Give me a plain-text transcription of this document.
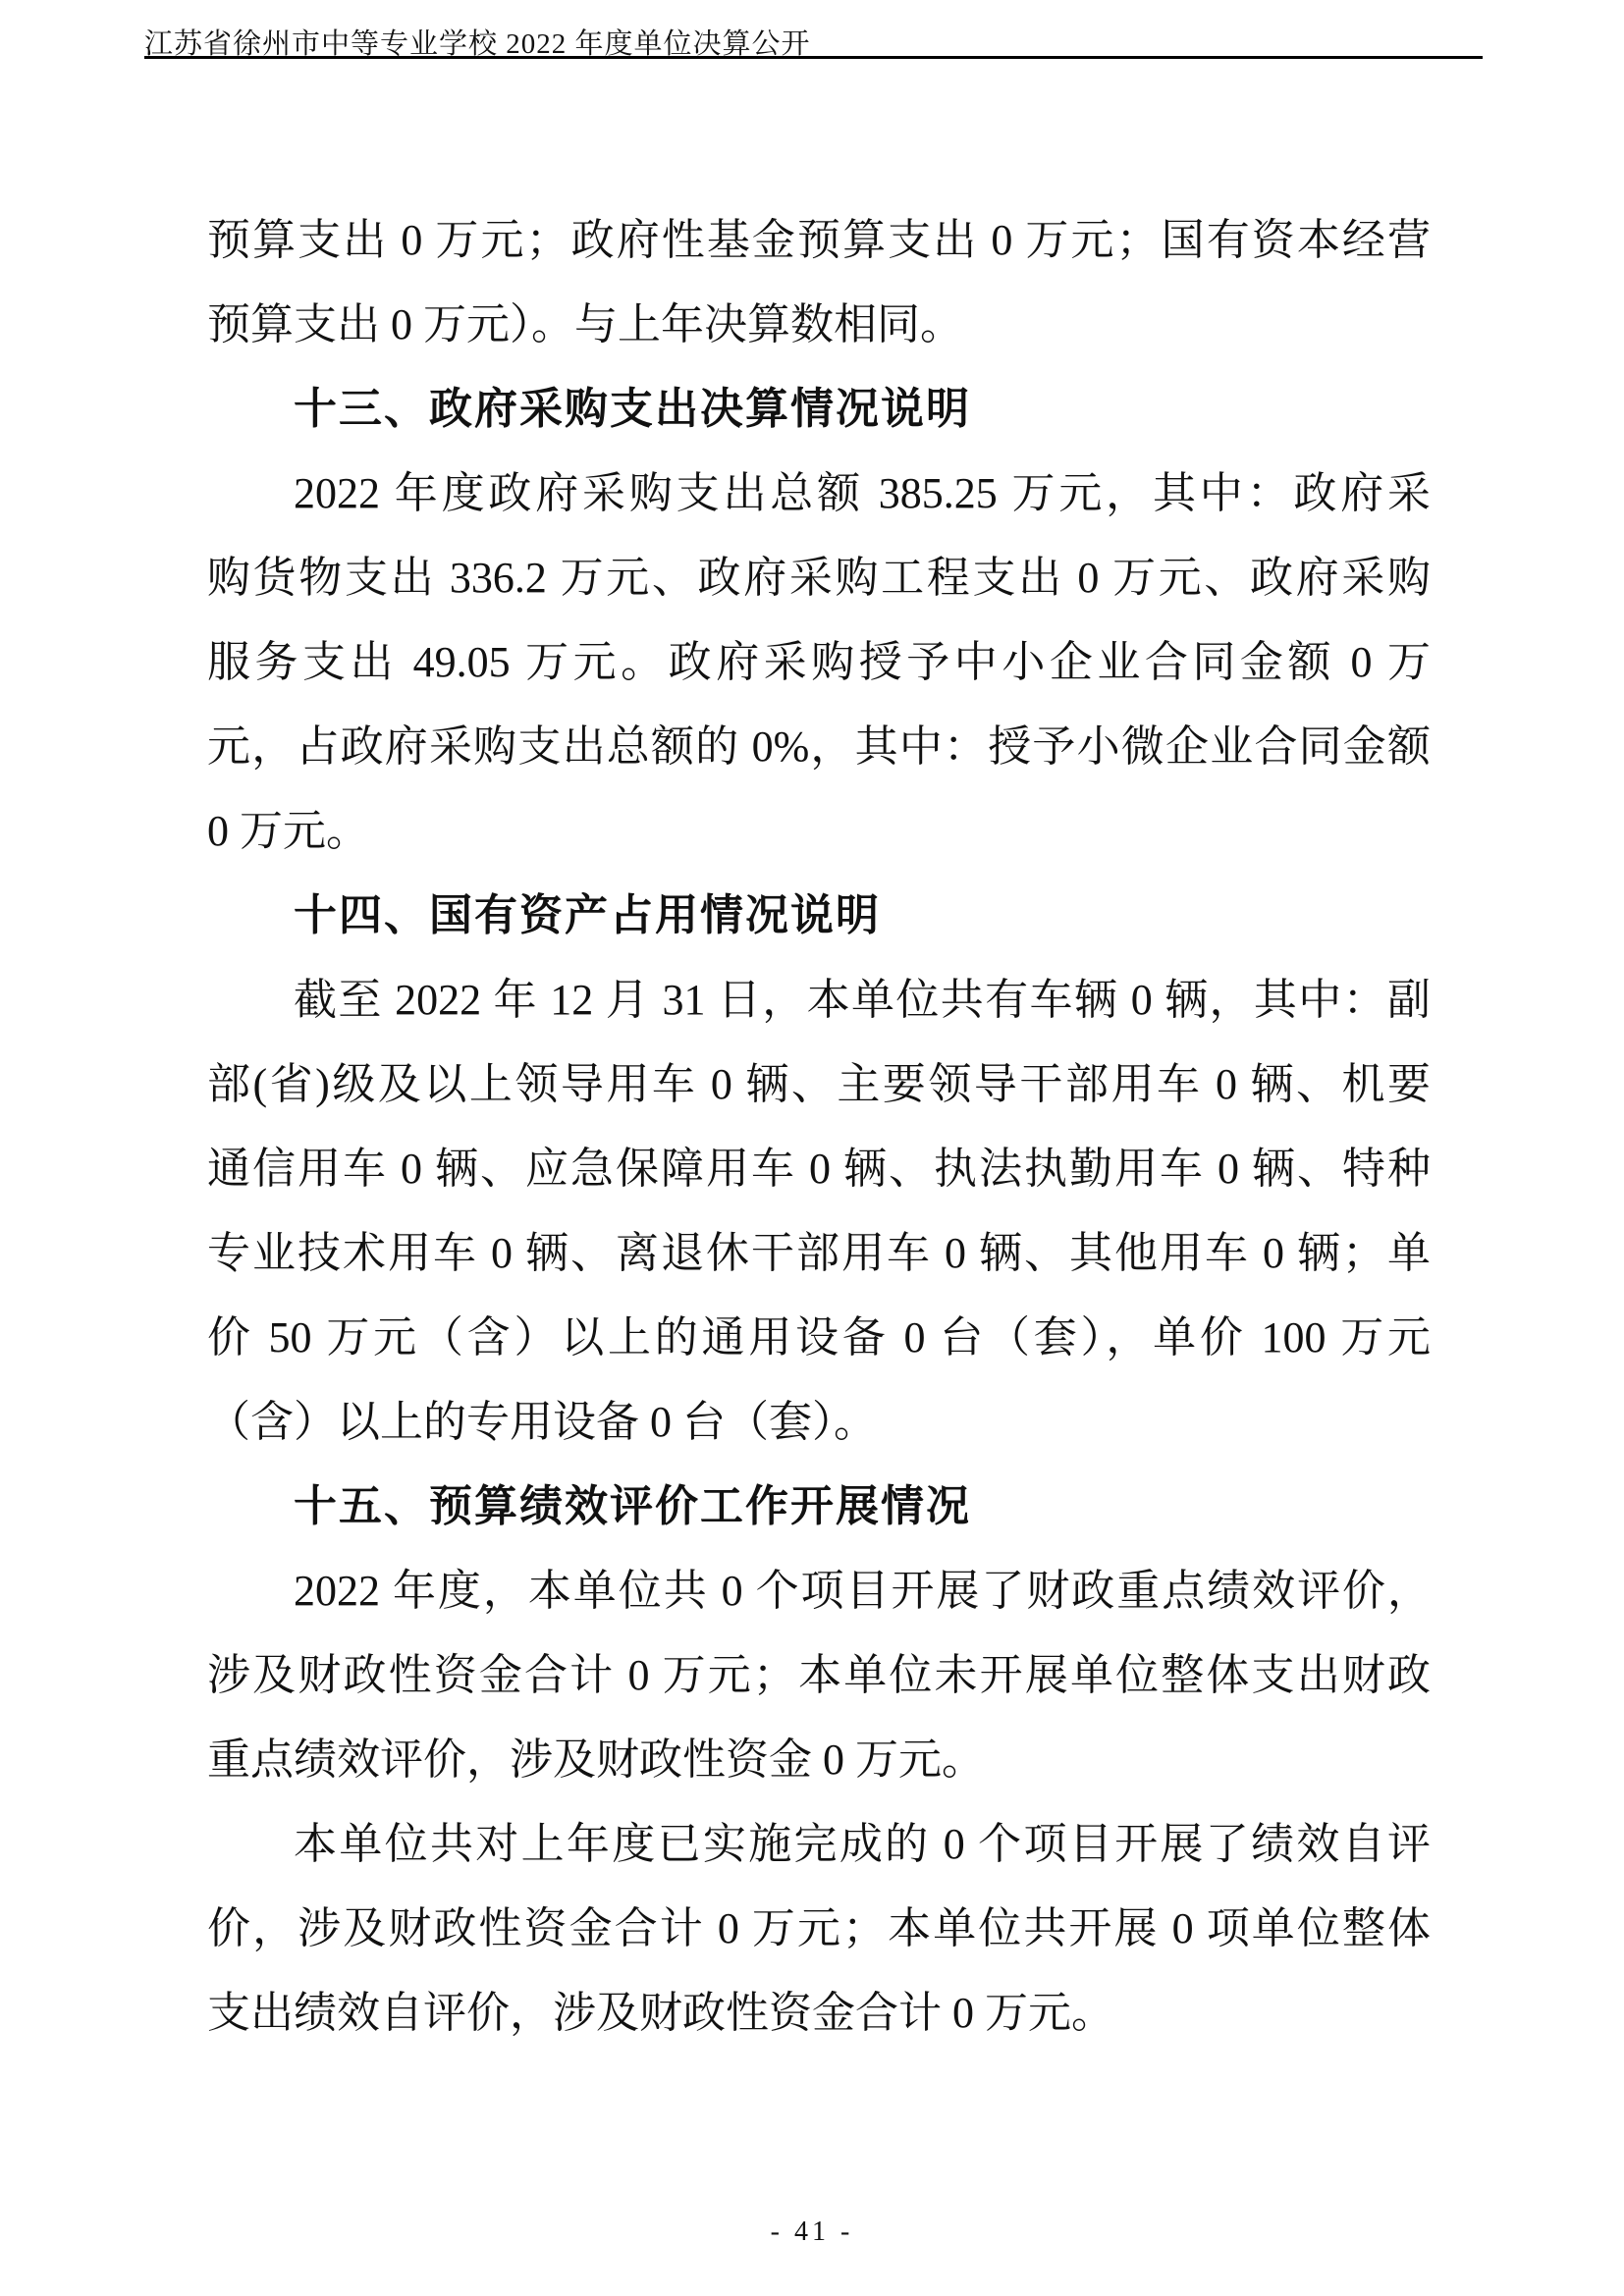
江苏省徐州市中等专业学校 2022 年度单位决算公开
预算支出 0 万元；政府性基金预算支出 0 万元；国有资本经营
预算支出 0 万元）。与上年决算数相同。
十三、政府采购支出决算情况说明
2022 年度政府采购支出总额 385.25 万元，其中：政府采
购货物支出 336.2 万元、政府采购工程支出 0 万元、政府采购
服务支出 49.05 万元。政府采购授予中小企业合同金额 0 万
元，占政府采购支出总额的 0%，其中：授予小微企业合同金额
0 万元。
十四、国有资产占用情况说明
截至 2022 年 12 月 31 日，本单位共有车辆 0 辆，其中：副
部(省)级及以上领导用车 0 辆、主要领导干部用车 0 辆、机要
通信用车 0 辆、应急保障用车 0 辆、执法执勤用车 0 辆、特种
专业技术用车 0 辆、离退休干部用车 0 辆、其他用车 0 辆；单
价 50 万元（含）以上的通用设备 0 台（套），单价 100 万元
（含）以上的专用设备 0 台（套）。
十五、预算绩效评价工作开展情况
2022 年度，本单位共 0 个项目开展了财政重点绩效评价，
涉及财政性资金合计 0 万元；本单位未开展单位整体支出财政
重点绩效评价，涉及财政性资金 0 万元。
本单位共对上年度已实施完成的 0 个项目开展了绩效自评
价，涉及财政性资金合计 0 万元；本单位共开展 0 项单位整体
支出绩效自评价，涉及财政性资金合计 0 万元。
- 41 -
